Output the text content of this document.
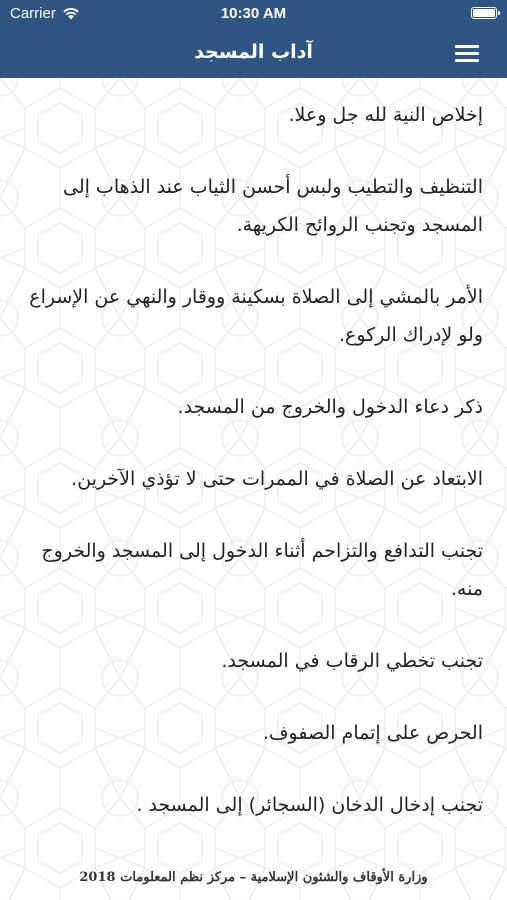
Carrier	10:30 AM
آداب المسجد
إخلاص النية لله جل وعلا.
التنظيف والتطيب ولبس أحسن الثياب عند الذهاب إلى المسجد وتجنب الروائح الكريهة.
الأمر بالمشي إلى الصلاة بسكينة ووقار والنهي عن الإسراع ولو لإدراك الركوع.
ذكر دعاء الدخول والخروج من المسجد.
الابتعاد عن الصلاة في الممرات حتى لا تؤذي الآخرين.
تجنب التدافع والتزاحم أثناء الدخول إلى المسجد والخروج منه.
تجنب تخطي الرقاب في المسجد.
الحرص على إتمام الصفوف.
تجنب إدخال الدخان (السجائر) إلى المسجد .
وزارة الأوقاف والشئون الإسلامية – مركز نظم المعلومات 2018
